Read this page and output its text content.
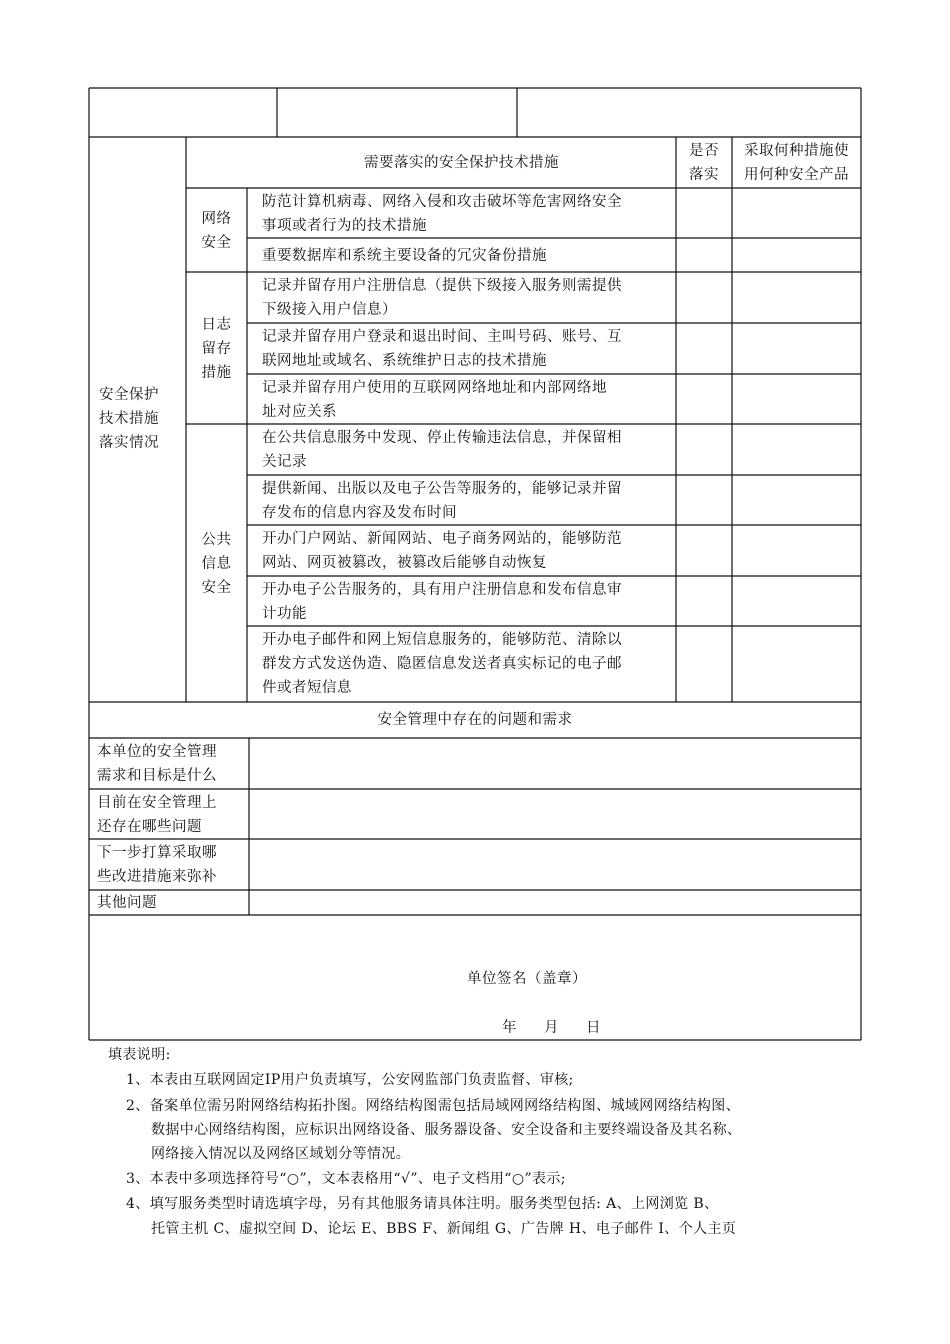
安全保护
技术措施
落实情况
需要落实的安全保护技术措施
是否
落实
采取何种措施使
用何种安全产品
网络
安全
日志
留存
措施
公共
信息
安全
防范计算机病毒、网络入侵和攻击破坏等危害网络安全
事项或者行为的技术措施
重要数据库和系统主要设备的冗灾备份措施
记录并留存用户注册信息（提供下级接入服务则需提供
下级接入用户信息）
记录并留存用户登录和退出时间、主叫号码、账号、互
联网地址或域名、系统维护日志的技术措施
记录并留存用户使用的互联网网络地址和内部网络地
址对应关系
在公共信息服务中发现、停止传输违法信息，并保留相
关记录
提供新闻、出版以及电子公告等服务的，能够记录并留
存发布的信息内容及发布时间
开办门户网站、新闻网站、电子商务网站的，能够防范
网站、网页被篡改，被篡改后能够自动恢复
开办电子公告服务的，具有用户注册信息和发布信息审
计功能
开办电子邮件和网上短信息服务的，能够防范、清除以
群发方式发送伪造、隐匿信息发送者真实标记的电子邮
件或者短信息
安全管理中存在的问题和需求
本单位的安全管理
需求和目标是什么
目前在安全管理上
还存在哪些问题
下一步打算采取哪
些改进措施来弥补
其他问题
单位签名（盖章）
年 月 日
填表说明:
1、本表由互联网固定IP用户负责填写，公安网监部门负责监督、审核;
2、备案单位需另附网络结构拓扑图。网络结构图需包括局域网网络结构图、城域网网络结构图、
数据中心网络结构图，应标识出网络设备、服务器设备、安全设备和主要终端设备及其名称、
网络接入情况以及网络区域划分等情况。
3、本表中多项选择符号“○”，文本表格用“√”、电子文档用“○”表示;
4、填写服务类型时请选填字母，另有其他服务请具体注明。服务类型包括: A、上网浏览 B、
托管主机 C、虚拟空间 D、论坛 E、BBS F、新闻组 G、广告牌 H、电子邮件 I、个人主页
